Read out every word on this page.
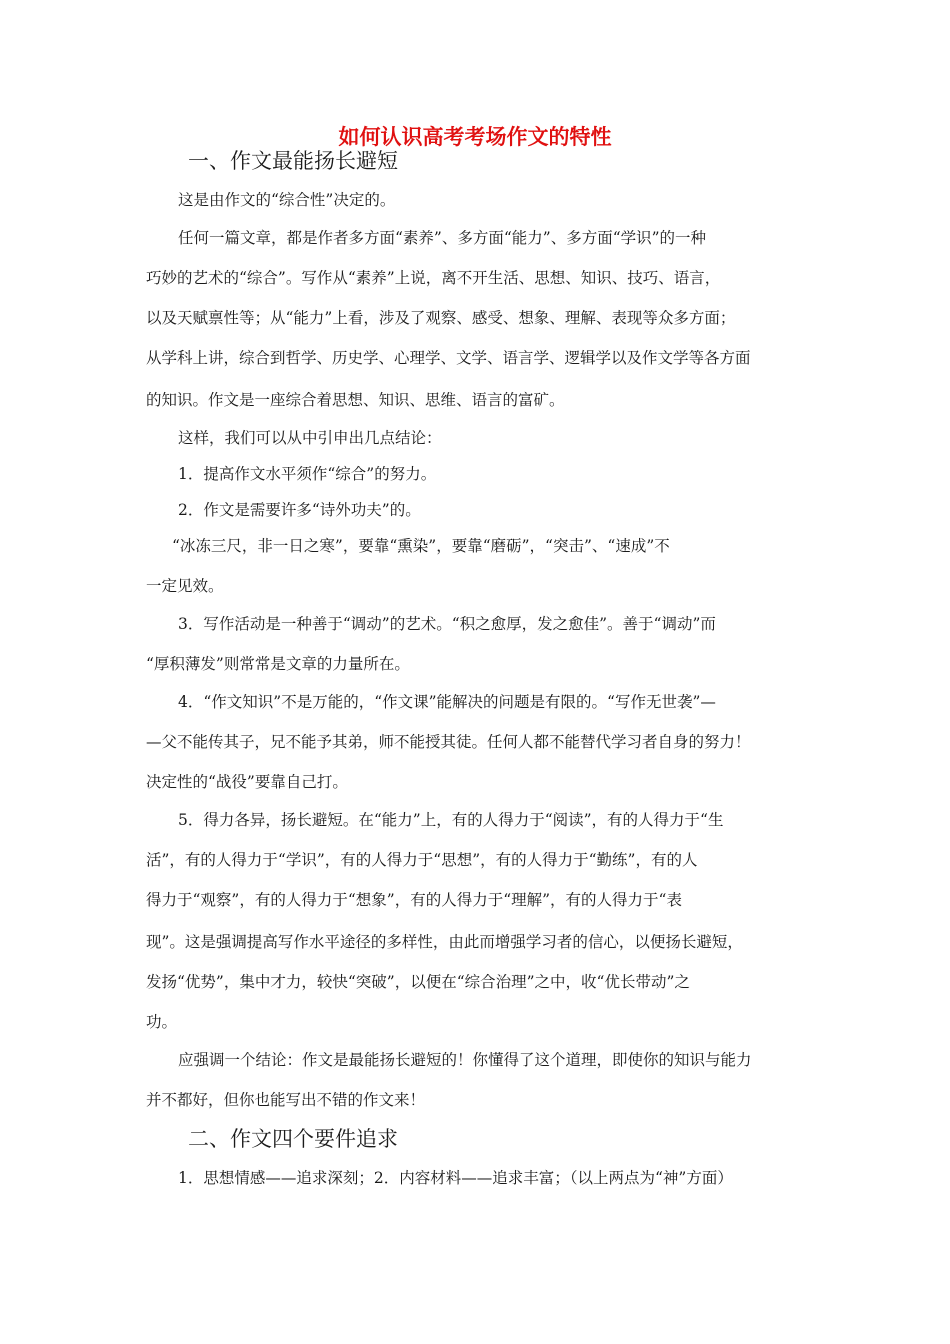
如何认识高考考场作文的特性
一、作文最能扬长避短
这是由作文的“综合性”决定的。
任何一篇文章，都是作者多方面“素养”、多方面“能力”、多方面“学识”的一种
巧妙的艺术的“综合”。写作从“素养”上说，离不开生活、思想、知识、技巧、语言，
以及天赋禀性等；从“能力”上看，涉及了观察、感受、想象、理解、表现等众多方面；
从学科上讲，综合到哲学、历史学、心理学、文学、语言学、逻辑学以及作文学等各方面
的知识。作文是一座综合着思想、知识、思维、语言的富矿。
这样，我们可以从中引申出几点结论：
1．提高作文水平须作“综合”的努力。
2．作文是需要许多“诗外功夫”的。
“冰冻三尺，非一日之寒”，要靠“熏染”，要靠“磨砺”，“突击”、“速成”不
一定见效。
3．写作活动是一种善于“调动”的艺术。“积之愈厚，发之愈佳”。善于“调动”而
“厚积薄发”则常常是文章的力量所在。
4．“作文知识”不是万能的，“作文课”能解决的问题是有限的。“写作无世袭”—
—父不能传其子，兄不能予其弟，师不能授其徒。任何人都不能替代学习者自身的努力！
决定性的“战役”要靠自己打。
5．得力各异，扬长避短。在“能力”上，有的人得力于“阅读”，有的人得力于“生
活”，有的人得力于“学识”，有的人得力于“思想”，有的人得力于“勤练”，有的人
得力于“观察”，有的人得力于“想象”，有的人得力于“理解”，有的人得力于“表
现”。这是强调提高写作水平途径的多样性，由此而增强学习者的信心，以便扬长避短，
发扬“优势”，集中才力，较快“突破”，以便在“综合治理”之中，收“优长带动”之
功。
应强调一个结论：作文是最能扬长避短的！你懂得了这个道理，即使你的知识与能力
并不都好，但你也能写出不错的作文来！
二、作文四个要件追求
1．思想情感——追求深刻；2．内容材料——追求丰富；（以上两点为“神”方面）
